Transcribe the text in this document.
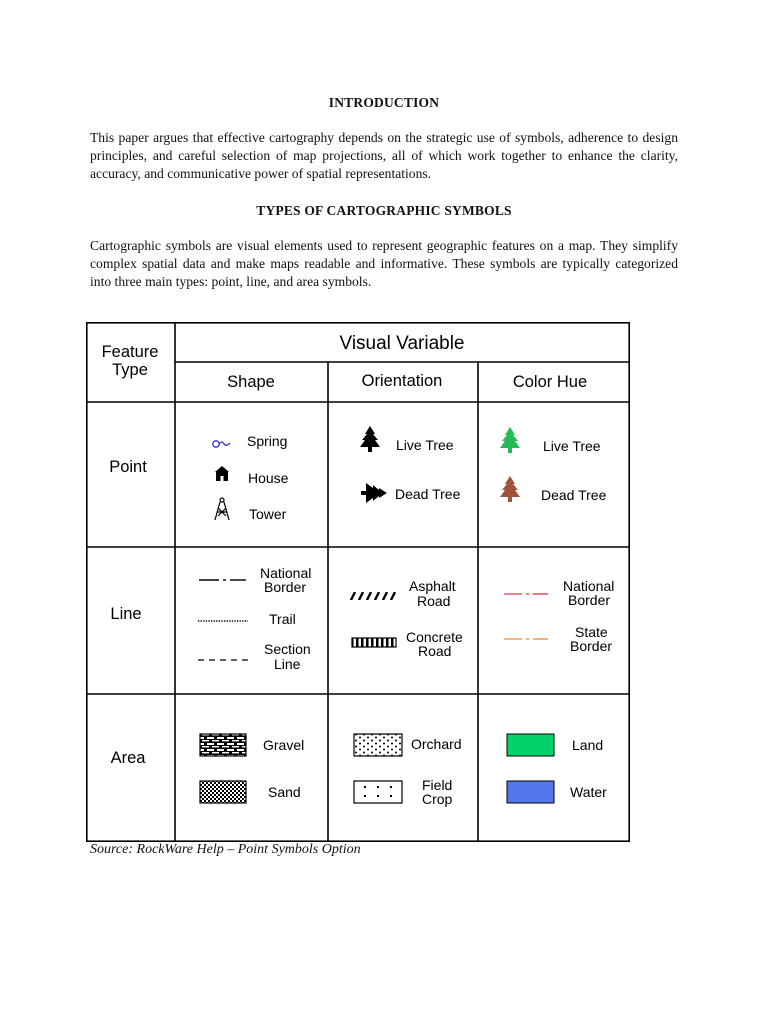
INTRODUCTION
This paper argues that effective cartography depends on the strategic use of symbols, adherence to design principles, and careful selection of map projections, all of which work together to enhance the clarity, accuracy, and communicative power of spatial representations.
TYPES OF CARTOGRAPHIC SYMBOLS
Cartographic symbols are visual elements used to represent geographic features on a map. They simplify complex spatial data and make maps readable and informative. These symbols are typically categorized into three main types: point, line, and area symbols.
Feature
Type
Visual Variable
Shape	Orientation	Color Hue
Point
Line
Area
Spring
House
Tower
Live Tree
Dead Tree
Live Tree
Dead Tree
National
Border
Trail
Section
Line
Asphalt
Road
Concrete
Road
National
Border
State
Border
Gravel
Sand
Orchard
Field
Crop
Land
Water
Source: RockWare Help – Point Symbols Option
